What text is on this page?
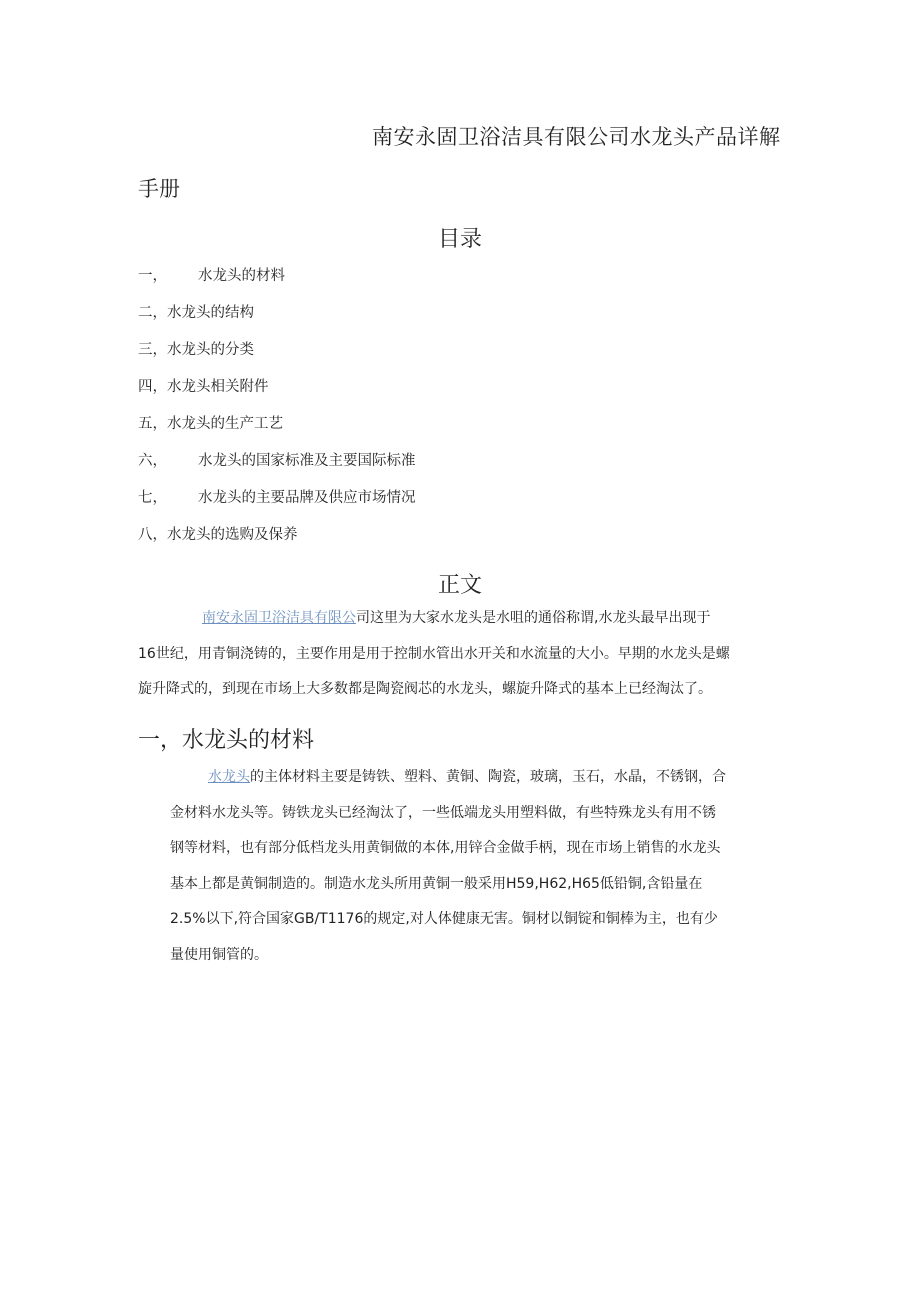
南安永固卫浴洁具有限公司水龙头产品详解
手册
目录
一， 水龙头的材料
二，水龙头的结构
三，水龙头的分类
四，水龙头相关附件
五，水龙头的生产工艺
六， 水龙头的国家标准及主要国际标准
七， 水龙头的主要品牌及供应市场情况
八，水龙头的选购及保养
正文
南安永固卫浴洁具有限公司这里为大家水龙头是水咀的通俗称谓,水龙头最早出现于
16世纪，用青铜浇铸的，主要作用是用于控制水管出水开关和水流量的大小。早期的水龙头是螺
旋升降式的，到现在市场上大多数都是陶瓷阀芯的水龙头，螺旋升降式的基本上已经淘汰了。
一，水龙头的材料
水龙头的主体材料主要是铸铁、塑料、黄铜、陶瓷，玻璃，玉石，水晶，不锈钢，合
金材料水龙头等。铸铁龙头已经淘汰了，一些低端龙头用塑料做，有些特殊龙头有用不锈
钢等材料，也有部分低档龙头用黄铜做的本体,用锌合金做手柄，现在市场上销售的水龙头
基本上都是黄铜制造的。制造水龙头所用黄铜一般采用H59,H62,H65低铅铜,含铅量在
2.5%以下,符合国家GB/T1176的规定,对人体健康无害。铜材以铜锭和铜棒为主，也有少
量使用铜管的。
